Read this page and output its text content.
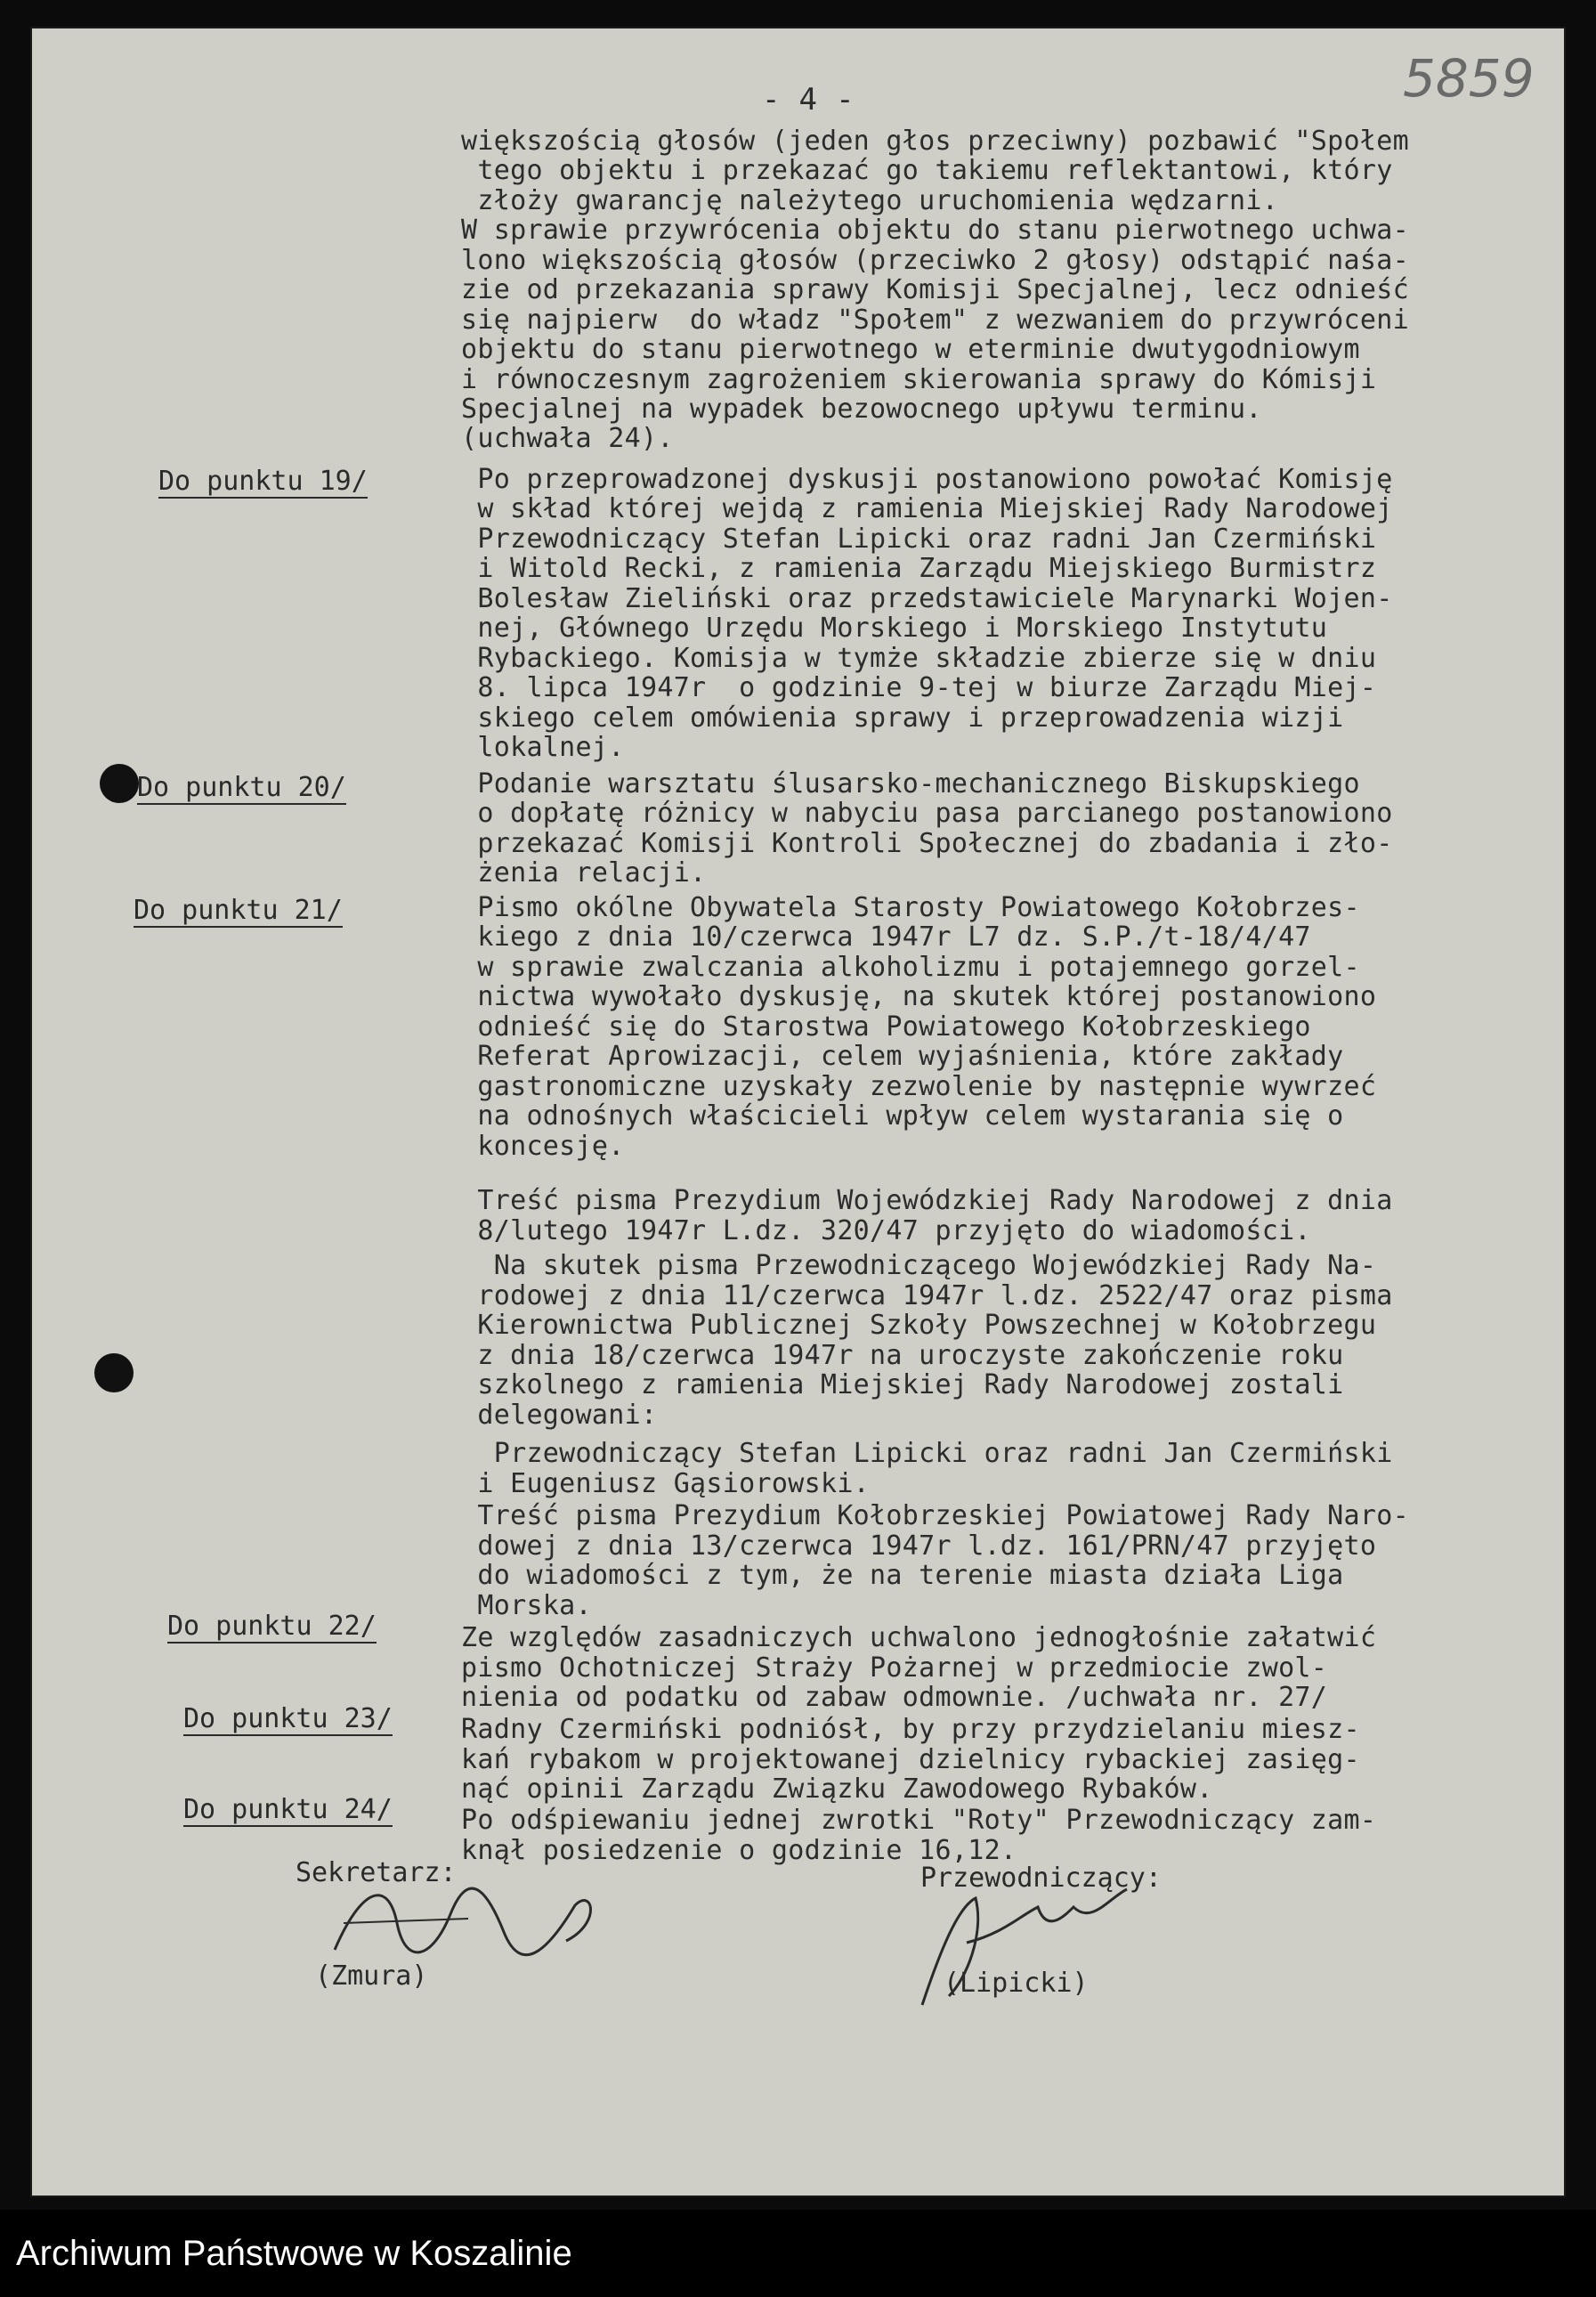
- 4 -	5859
Do punktu 19/
Do punktu 20/
Do punktu 21/
Do punktu 22/
Do punktu 23/
Do punktu 24/
większością głosów (jeden głos przeciwny) pozbawić "Społem
tego objektu i przekazać go takiemu reflektantowi, który
złoży gwarancję należytego uruchomienia wędzarni.
W sprawie przywrócenia objektu do stanu pierwotnego uchwa-
lono większością głosów (przeciwko 2 głosy) odstąpić naśa-
zie od przekazania sprawy Komisji Specjalnej, lecz odnieść
się najpierw  do władz "Społem" z wezwaniem do przywróceni
objektu do stanu pierwotnego w eterminie dwutygodniowym
i równoczesnym zagrożeniem skierowania sprawy do Kómisji
Specjalnej na wypadek bezowocnego upływu terminu.
(uchwała 24).
Po przeprowadzonej dyskusji postanowiono powołać Komisję
w skład której wejdą z ramienia Miejskiej Rady Narodowej
Przewodniczący Stefan Lipicki oraz radni Jan Czermiński
i Witold Recki, z ramienia Zarządu Miejskiego Burmistrz
Bolesław Zieliński oraz przedstawiciele Marynarki Wojen-
nej, Głównego Urzędu Morskiego i Morskiego Instytutu
Rybackiego. Komisja w tymże składzie zbierze się w dniu
8. lipca 1947r  o godzinie 9-tej w biurze Zarządu Miej-
skiego celem omówienia sprawy i przeprowadzenia wizji
lokalnej.
Podanie warsztatu ślusarsko-mechanicznego Biskupskiego
o dopłatę różnicy w nabyciu pasa parcianego postanowiono
przekazać Komisji Kontroli Społecznej do zbadania i zło-
żenia relacji.
Pismo okólne Obywatela Starosty Powiatowego Kołobrzes-
kiego z dnia 10/czerwca 1947r L7 dz. S.P./t-18/4/47
w sprawie zwalczania alkoholizmu i potajemnego gorzel-
nictwa wywołało dyskusję, na skutek której postanowiono
odnieść się do Starostwa Powiatowego Kołobrzeskiego
Referat Aprowizacji, celem wyjaśnienia, które zakłady
gastronomiczne uzyskały zezwolenie by następnie wywrzeć
na odnośnych właścicieli wpływ celem wystarania się o
koncesję.
Treść pisma Prezydium Wojewódzkiej Rady Narodowej z dnia
8/lutego 1947r L.dz. 320/47 przyjęto do wiadomości.
Na skutek pisma Przewodniczącego Wojewódzkiej Rady Na-
rodowej z dnia 11/czerwca 1947r l.dz. 2522/47 oraz pisma
Kierownictwa Publicznej Szkoły Powszechnej w Kołobrzegu
z dnia 18/czerwca 1947r na uroczyste zakończenie roku
szkolnego z ramienia Miejskiej Rady Narodowej zostali
delegowani:
Przewodniczący Stefan Lipicki oraz radni Jan Czermiński
i Eugeniusz Gąsiorowski.
Treść pisma Prezydium Kołobrzeskiej Powiatowej Rady Naro-
dowej z dnia 13/czerwca 1947r l.dz. 161/PRN/47 przyjęto
do wiadomości z tym, że na terenie miasta działa Liga
Morska.
Ze względów zasadniczych uchwalono jednogłośnie załatwić
pismo Ochotniczej Straży Pożarnej w przedmiocie zwol-
nienia od podatku od zabaw odmownie. /uchwała nr. 27/
Radny Czermiński podniósł, by przy przydzielaniu miesz-
kań rybakom w projektowanej dzielnicy rybackiej zasięg-
nąć opinii Zarządu Związku Zawodowego Rybaków.
Po odśpiewaniu jednej zwrotki "Roty" Przewodniczący zam-
knął posiedzenie o godzinie 16,12.
Sekretarz:
(Zmura)
Przewodniczący:
(Lipicki)
Archiwum Państwowe w Koszalinie
